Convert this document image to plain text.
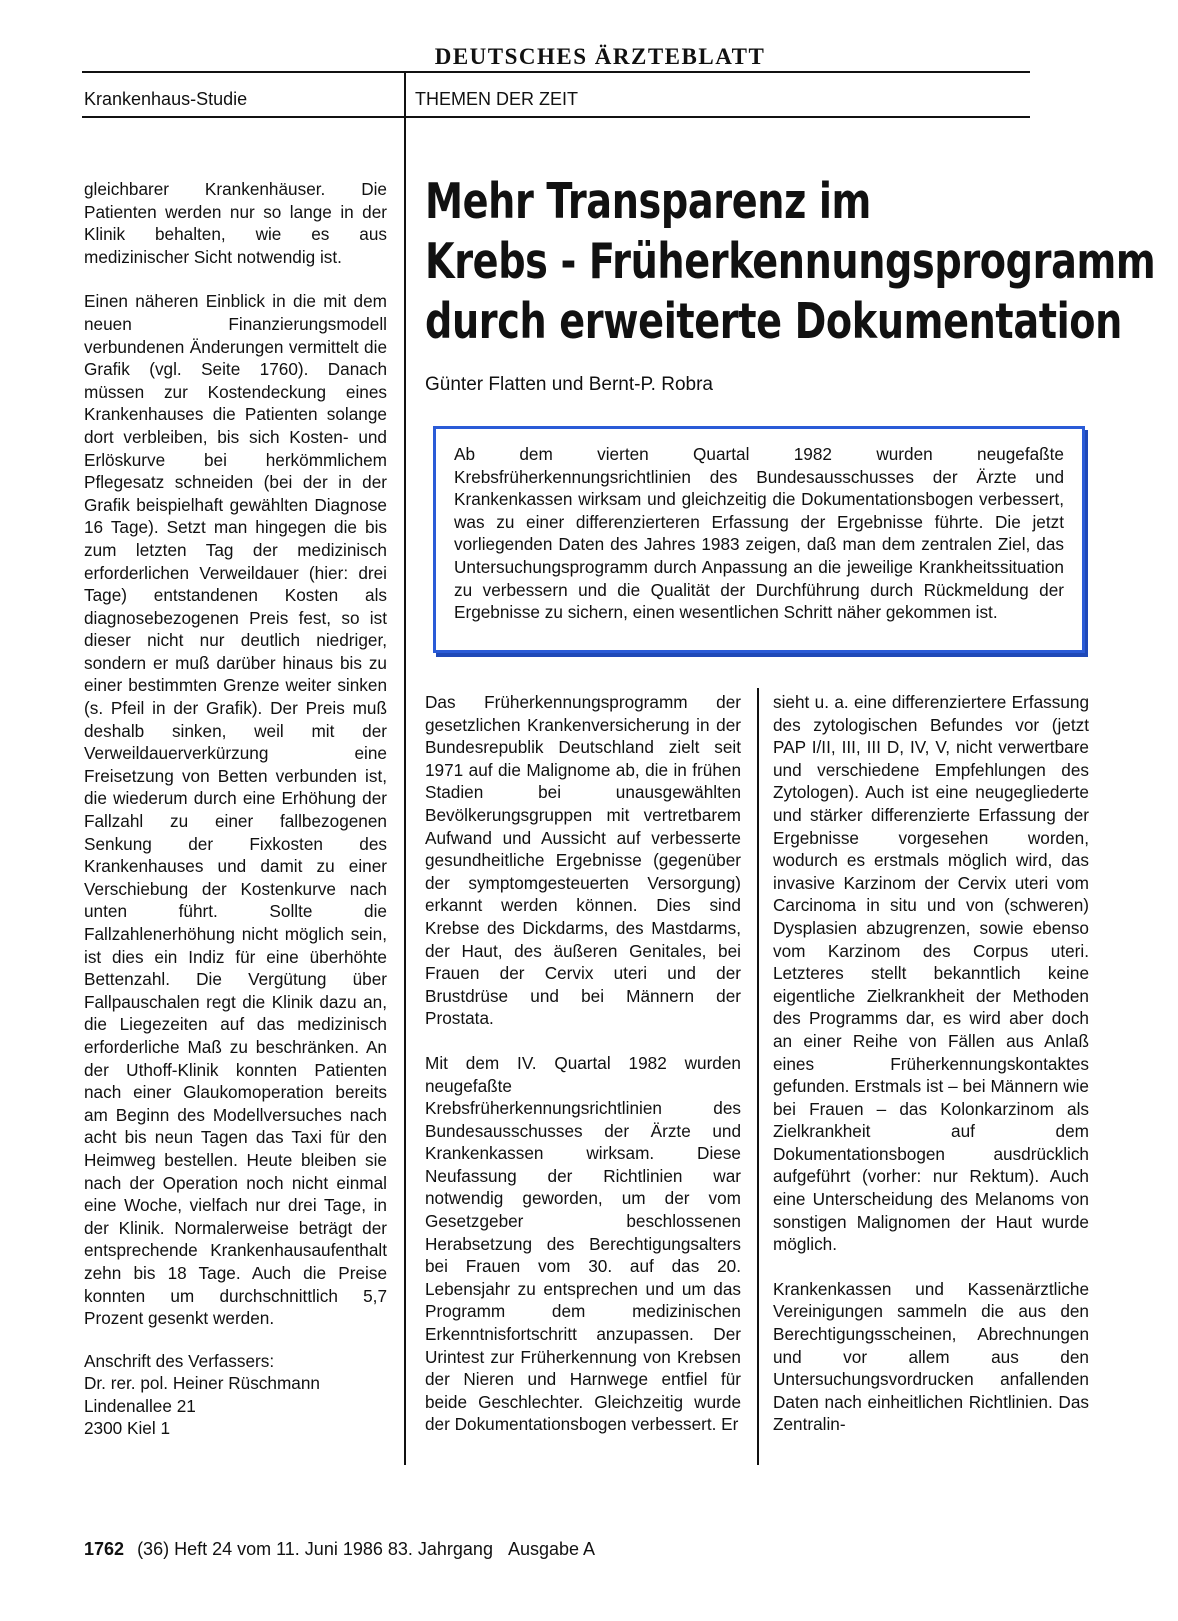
DEUTSCHES ÄRZTEBLATT
Krankenhaus-Studie	THEMEN DER ZEIT

gleichbarer Krankenhäuser. Die Patienten werden nur so lange in der Klinik behalten, wie es aus medizinischer Sicht notwendig ist.

Einen näheren Einblick in die mit dem neuen Finanzierungsmodell verbundenen Änderungen vermittelt die Grafik (vgl. Seite 1760). Danach müssen zur Kostendeckung eines Krankenhauses die Patienten solange dort verbleiben, bis sich Kosten- und Erlöskurve bei herkömmlichem Pflegesatz schneiden (bei der in der Grafik beispielhaft gewählten Diagnose 16 Tage). Setzt man hingegen die bis zum letzten Tag der medizinisch erforderlichen Verweildauer (hier: drei Tage) entstandenen Kosten als diagnosebezogenen Preis fest, so ist dieser nicht nur deutlich niedriger, sondern er muß darüber hinaus bis zu einer bestimmten Grenze weiter sinken (s. Pfeil in der Grafik). Der Preis muß deshalb sinken, weil mit der Verweildauerverkürzung eine Freisetzung von Betten verbunden ist, die wiederum durch eine Erhöhung der Fallzahl zu einer fallbezogenen Senkung der Fixkosten des Krankenhauses und damit zu einer Verschiebung der Kostenkurve nach unten führt. Sollte die Fallzahlenerhöhung nicht möglich sein, ist dies ein Indiz für eine überhöhte Bettenzahl. Die Vergütung über Fallpauschalen regt die Klinik dazu an, die Liegezeiten auf das medizinisch erforderliche Maß zu beschränken. An der Uthoff-Klinik konnten Patienten nach einer Glaukomoperation bereits am Beginn des Modellversuches nach acht bis neun Tagen das Taxi für den Heimweg bestellen. Heute bleiben sie nach der Operation noch nicht einmal eine Woche, vielfach nur drei Tage, in der Klinik. Normalerweise beträgt der entsprechende Krankenhausaufenthalt zehn bis 18 Tage. Auch die Preise konnten um durchschnittlich 5,7 Prozent gesenkt werden.

Anschrift des Verfassers:
Dr. rer. pol. Heiner Rüschmann
Lindenallee 21
2300 Kiel 1
Mehr Transparenz im
Krebs - Früherkennungsprogramm
durch erweiterte Dokumentation
Günter Flatten und Bernt-P. Robra
Ab dem vierten Quartal 1982 wurden neugefaßte Krebsfrüherkennungsrichtlinien des Bundesausschusses der Ärzte und Krankenkassen wirksam und gleichzeitig die Dokumentationsbogen verbessert, was zu einer differenzierteren Erfassung der Ergebnisse führte. Die jetzt vorliegenden Daten des Jahres 1983 zeigen, daß man dem zentralen Ziel, das Untersuchungsprogramm durch Anpassung an die jeweilige Krankheitssituation zu verbessern und die Qualität der Durchführung durch Rückmeldung der Ergebnisse zu sichern, einen wesentlichen Schritt näher gekommen ist.

Das Früherkennungsprogramm der gesetzlichen Krankenversicherung in der Bundesrepublik Deutschland zielt seit 1971 auf die Malignome ab, die in frühen Stadien bei unausgewählten Bevölkerungsgruppen mit vertretbarem Aufwand und Aussicht auf verbesserte gesundheitliche Ergebnisse (gegenüber der symptomgesteuerten Versorgung) erkannt werden können. Dies sind Krebse des Dickdarms, des Mastdarms, der Haut, des äußeren Genitales, bei Frauen der Cervix uteri und der Brustdrüse und bei Männern der Prostata.

Mit dem IV. Quartal 1982 wurden neugefaßte Krebsfrüherkennungsrichtlinien des Bundesausschusses der Ärzte und Krankenkassen wirksam. Diese Neufassung der Richtlinien war notwendig geworden, um der vom Gesetzgeber beschlossenen Herabsetzung des Berechtigungsalters bei Frauen vom 30. auf das 20. Lebensjahr zu entsprechen und um das Programm dem medizinischen Erkenntnisfortschritt anzupassen. Der Urintest zur Früherkennung von Krebsen der Nieren und Harnwege entfiel für beide Geschlechter. Gleichzeitig wurde der Dokumentationsbogen verbessert. Er

sieht u. a. eine differenziertere Erfassung des zytologischen Befundes vor (jetzt PAP I/II, III, III D, IV, V, nicht verwertbare und verschiedene Empfehlungen des Zytologen). Auch ist eine neugegliederte und stärker differenzierte Erfassung der Ergebnisse vorgesehen worden, wodurch es erstmals möglich wird, das invasive Karzinom der Cervix uteri vom Carcinoma in situ und von (schweren) Dysplasien abzugrenzen, sowie ebenso vom Karzinom des Corpus uteri. Letzteres stellt bekanntlich keine eigentliche Zielkrankheit der Methoden des Programms dar, es wird aber doch an einer Reihe von Fällen aus Anlaß eines Früherkennungskontaktes gefunden. Erstmals ist – bei Männern wie bei Frauen – das Kolonkarzinom als Zielkrankheit auf dem Dokumentationsbogen ausdrücklich aufgeführt (vorher: nur Rektum). Auch eine Unterscheidung des Melanoms von sonstigen Malignomen der Haut wurde möglich.

Krankenkassen und Kassenärztliche Vereinigungen sammeln die aus den Berechtigungsscheinen, Abrechnungen und vor allem aus den Untersuchungsvordrucken anfallenden Daten nach einheitlichen Richtlinien. Das Zentralin-

1762 (36) Heft 24 vom 11. Juni 1986 83. Jahrgang Ausgabe A
